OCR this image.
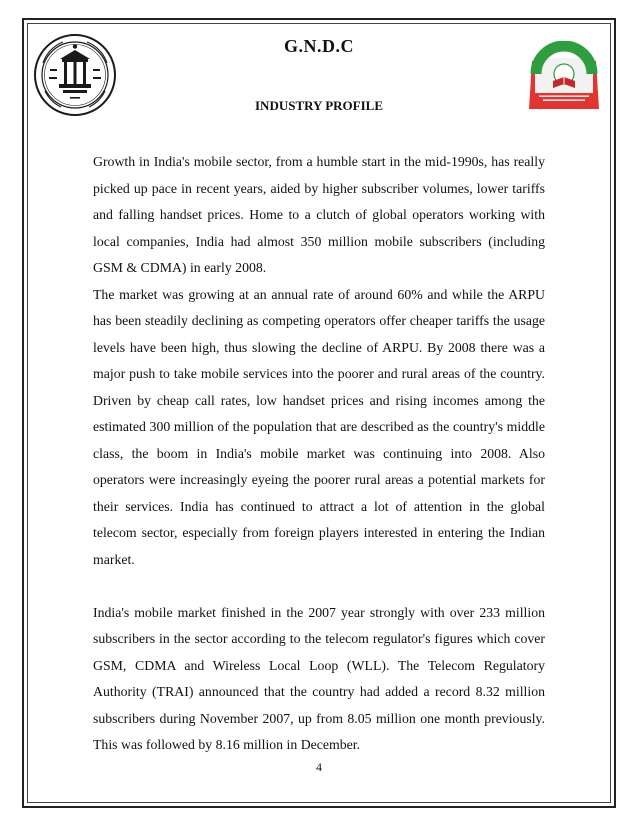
G.N.D.C
INDUSTRY PROFILE

Growth in India's mobile sector, from a humble start in the mid-1990s, has really picked up pace in recent years, aided by higher subscriber volumes, lower tariffs and falling handset prices. Home to a clutch of global operators working with local companies, India had almost 350 million mobile subscribers (including GSM & CDMA) in early 2008.

The market was growing at an annual rate of around 60% and while the ARPU has been steadily declining as competing operators offer cheaper tariffs the usage levels have been high, thus slowing the decline of ARPU. By 2008 there was a major push to take mobile services into the poorer and rural areas of the country. Driven by cheap call rates, low handset prices and rising incomes among the estimated 300 million of the population that are described as the country's middle class, the boom in India's mobile market was continuing into 2008. Also operators were increasingly eyeing the poorer rural areas a potential markets for their services. India has continued to attract a lot of attention in the global telecom sector, especially from foreign players interested in entering the Indian market.

India's mobile market finished in the 2007 year strongly with over 233 million subscribers in the sector according to the telecom regulator's figures which cover GSM, CDMA and Wireless Local Loop (WLL). The Telecom Regulatory Authority (TRAI) announced that the country had added a record 8.32 million subscribers during November 2007, up from 8.05 million one month previously. This was followed by 8.16 million in December.

4
